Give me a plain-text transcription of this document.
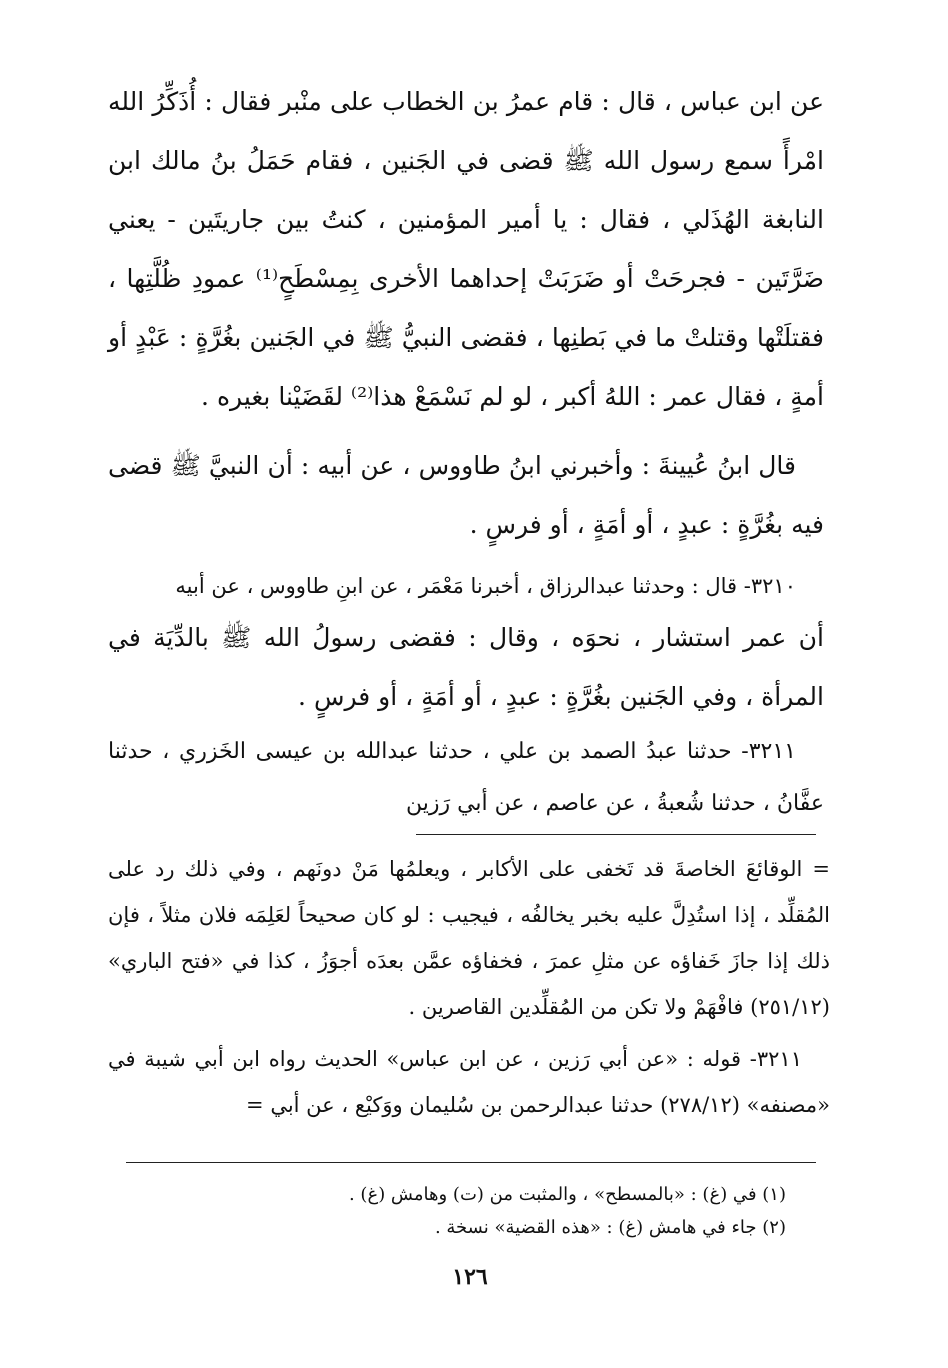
عن ابن عباس ، قال : قام عمرُ بن الخطاب على منْبر فقال : أُذَكِّرُ الله امْرأً سمع رسول الله ﷺ قضى في الجَنين ، فقام حَمَلُ بنُ مالك ابن النابغة الهُذَلي ، فقال : يا أمير المؤمنين ، كنتُ بين جاريتَين - يعني ضَرَّتَين - فجرحَتْ أو ضَرَبَتْ إحداهما الأخرى بِمِسْطَحٍ⁽¹⁾ عمودِ ظُلَّتِها ، فقتلَتْها وقتلتْ ما في بَطنِها ، فقضى النبيُّ ﷺ في الجَنين بغُرَّةٍ : عَبْدٍ أو أمةٍ ، فقال عمر : اللهُ أكبر ، لو لم نَسْمَعْ هذا⁽²⁾ لقَضَيْنا بغيره .

قال ابنُ عُيينةَ : وأخبرني ابنُ طاووس ، عن أبيه : أن النبيَّ ﷺ قضى فيه بغُرَّةٍ : عبدٍ ، أو أمَةٍ ، أو فرسٍ .

٣٢١٠- قال : وحدثنا عبدالرزاق ، أخبرنا مَعْمَر ، عن ابنِ طاووس ، عن أبيه

أن عمر استشار ، نحوَه ، وقال : فقضى رسولُ الله ﷺ بالدِّيَة في المرأة ، وفي الجَنين بغُرَّةٍ : عبدٍ ، أو أمَةٍ ، أو فرسٍ .

٣٢١١- حدثنا عبدُ الصمد بن علي ، حدثنا عبدالله بن عيسى الخَزري ، حدثنا عفَّانُ ، حدثنا شُعبةُ ، عن عاصم ، عن أبي رَزين

= الوقائعَ الخاصةَ قد تَخفى على الأكابر ، ويعلمُها مَنْ دونَهم ، وفي ذلك رد على المُقلِّد ، إذا استُدِلَّ عليه بخبر يخالفُه ، فيجيب : لو كان صحيحاً لعَلِمَه فلان مثلاً ، فإن ذلك إذا جازَ خَفاؤه عن مثلِ عمرَ ، فخفاؤه عمَّن بعدَه أجوَزُ ، كذا في «فتح الباري» (٢٥١/١٢) فافْهَمْ ولا تكن من المُقلِّدين القاصرين .

٣٢١١- قوله : «عن أبي رَزين ، عن ابن عباس» الحديث رواه ابن أبي شيبة في «مصنفه» (٢٧٨/١٢) حدثنا عبدالرحمن بن سُليمان ووَكيْع ، عن أبي =

(١) في (غ) : «بالمسطح» ، والمثبت من (ت) وهامش (غ) .

(٢) جاء في هامش (غ) : «هذه القضية» نسخة .

١٢٦
